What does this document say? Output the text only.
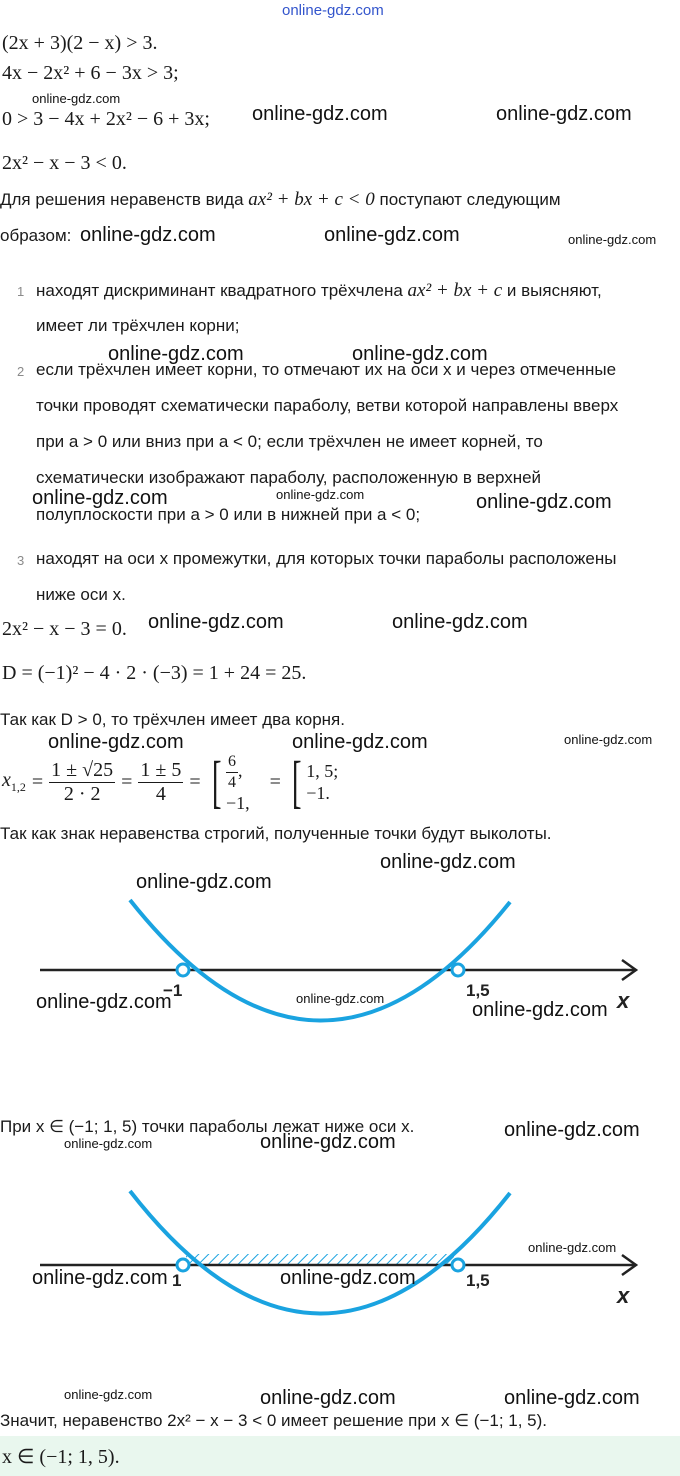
online-gdz.com
(2x + 3)(2 − x) > 3.
4x − 2x² + 6 − 3x > 3;
0 > 3 − 4x + 2x² − 6 + 3x;
2x² − x − 3 < 0.
Для решения неравенств вида ax² + bx + c < 0 поступают следующим
образом:
1 находят дискриминант квадратного трёхчлена ax² + bx + c и выясняют,
имеет ли трёхчлен корни;
2 если трёхчлен имеет корни, то отмечают их на оси x и через отмеченные
точки проводят схематически параболу, ветви которой направлены вверх
при a > 0 или вниз при a < 0; если трёхчлен не имеет корней, то
схематически изображают параболу, расположенную в верхней
полуплоскости при a > 0 или в нижней при a < 0;
3 находят на оси x промежутки, для которых точки параболы расположены
ниже оси x.
2x² − x − 3 = 0.
D = (−1)² − 4 · 2 · (−3) = 1 + 24 = 25.
Так как D > 0, то трёхчлен имеет два корня.
$x_{1,2} = \frac{1 \pm √25}{2 \cdot 2} = \frac{1 \pm 5}{4}$ = [ $\frac{6}{4}$ ,
−1,
= [ 1, 5;
−1.
Так как знак неравенства строгий, полученные точки будут выколоты.
−1	1,5	x
При x ∈ (−1; 1, 5) точки параболы лежат ниже оси x.
1	1,5
x
Значит, неравенство 2x² − x − 3 < 0 имеет решение при x ∈ (−1; 1, 5).
x ∈ (−1; 1, 5).
online-gdz.com
online-gdz.com	online-gdz.com
online-gdz.com	online-gdz.com	online-gdz.com
online-gdz.com	online-gdz.com
online-gdz.com	online-gdz.com	online-gdz.com
online-gdz.com	online-gdz.com
online-gdz.com	online-gdz.com	online-gdz.com
online-gdz.com
online-gdz.com
online-gdz.com	online-gdz.com
online-gdz.com
online-gdz.com
online-gdz.com	online-gdz.com
online-gdz.com
online-gdz.com	online-gdz.com
online-gdz.com	online-gdz.com	online-gdz.com
